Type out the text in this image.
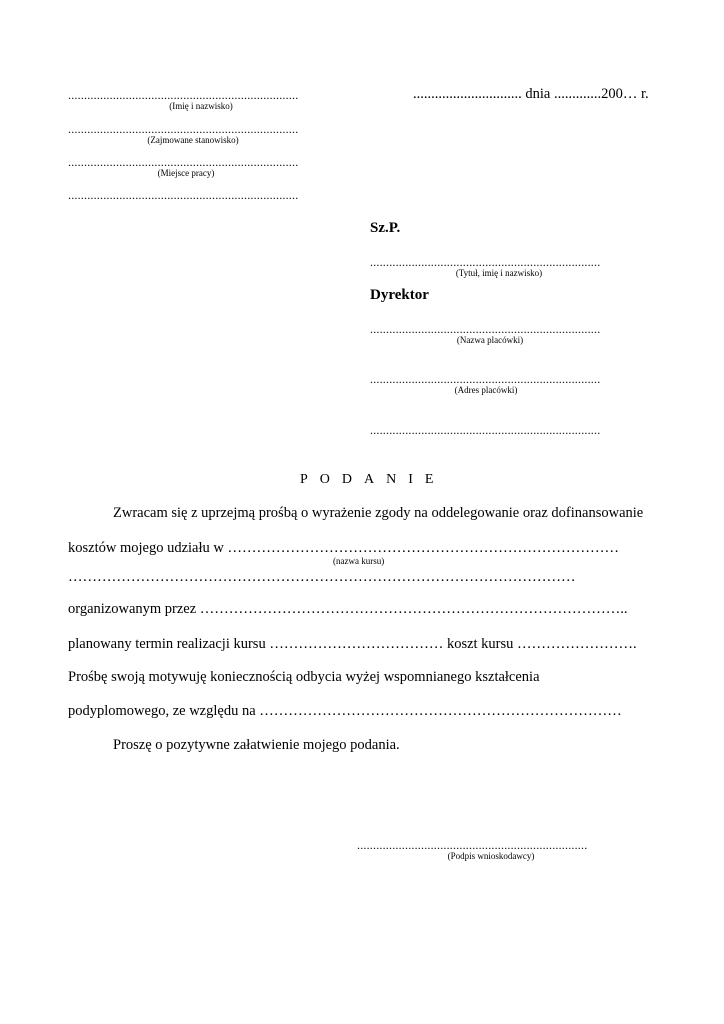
........................................................................
(Imię i nazwisko)
........................................................................
(Zajmowane stanowisko)
........................................................................
(Miejsce pracy)
........................................................................
.............................. dnia .............200… r.
Sz.P.
........................................................................
(Tytuł, imię i nazwisko)
Dyrektor
........................................................................
(Nazwa placówki)
........................................................................
(Adres placówki)
........................................................................
PODANIE
Zwracam się z uprzejmą prośbą o wyrażenie zgody na oddelegowanie oraz dofinansowanie
kosztów mojego udziału w ………………………………………………………………………
(nazwa kursu)
……………………………………………………………………………………………
organizowanym przez ……………………………………………………………………………..
planowany termin realizacji kursu ……………………………… koszt kursu …………………….
Prośbę swoją motywuję koniecznością odbycia wyżej wspomnianego kształcenia
podyplomowego, ze względu na …………………………………………………………………
Proszę o pozytywne załatwienie mojego podania.
........................................................................
(Podpis wnioskodawcy)
